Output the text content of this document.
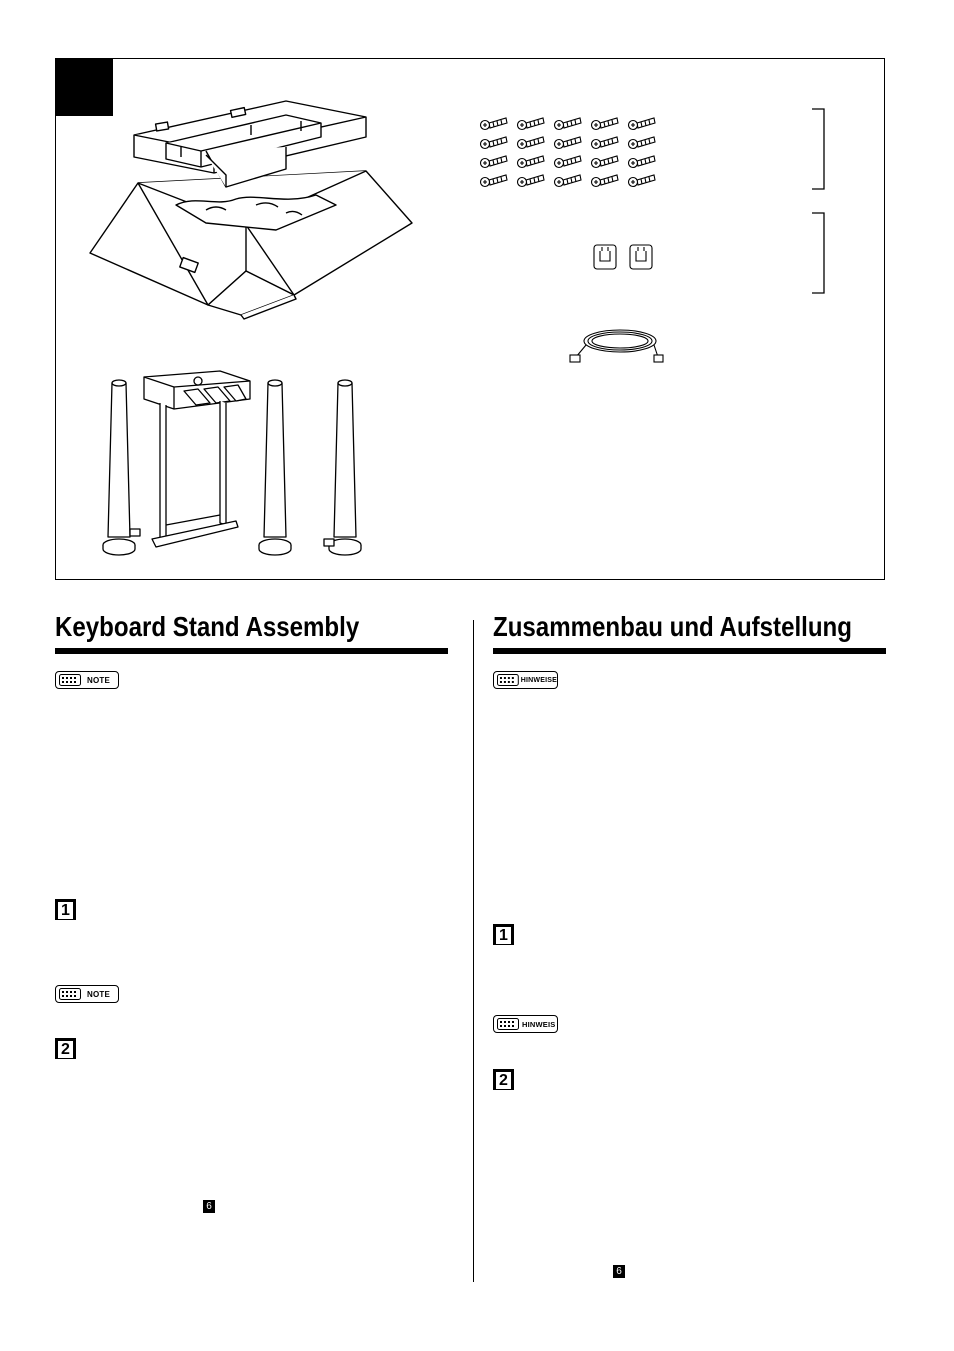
Keyboard Stand Assembly
NOTE
1
NOTE
2
6
Zusammenbau und Aufstellung
HINWEISE
1
HINWEIS
2
6
